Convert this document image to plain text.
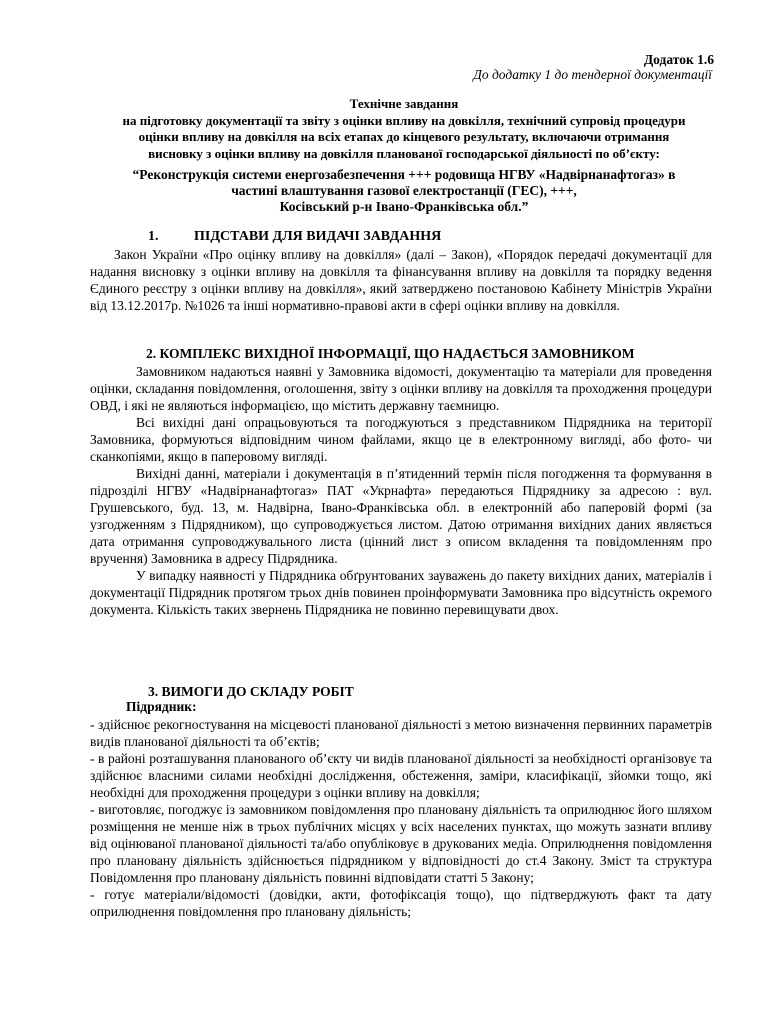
Додаток 1.6
До додатку 1 до тендерної документації
Технічне завдання
на підготовку документації та звіту з оцінки впливу на довкілля, технічний супровід процедури
оцінки впливу на довкілля на всіх етапах до кінцевого результату, включаючи отримання
висновку з оцінки впливу на довкілля планованої господарської діяльності по об’єкту:
“Реконструкція системи енергозабезпечення +++ родовища НГВУ «Надвірнанафтогаз» в
частині влаштування газової електростанції (ГЕС), +++,
Косівський р-н Івано-Франківська обл.”
1.	ПІДСТАВИ ДЛЯ ВИДАЧІ ЗАВДАННЯ

Закон України «Про оцінку впливу на довкілля» (далі – Закон), «Порядок передачі документації для надання висновку з оцінки впливу на довкілля та фінансування впливу на довкілля та порядку ведення Єдиного реєстру з оцінки впливу на довкілля», який затверджено постановою Кабінету Міністрів України від 13.12.2017р. №1026 та інші нормативно-правові акти в сфері оцінки впливу на довкілля.

2. КОМПЛЕКС ВИХІДНОЇ ІНФОРМАЦІЇ, ЩО НАДАЄТЬСЯ ЗАМОВНИКОМ

Замовником надаються наявні у Замовника відомості, документацію та матеріали для проведення оцінки, складання повідомлення, оголошення, звіту з оцінки впливу на довкілля та проходження процедури ОВД, і які не являються інформацією, що містить державну таємницю.

Всі вихідні дані опрацьовуються та погоджуються з представником Підрядника на території Замовника, формуються відповідним чином файлами, якщо це в електронному вигляді, або фото- чи сканкопіями, якщо в паперовому вигляді.

Вихідні данні, матеріали і документація в п’ятиденний термін після погодження та формування в підрозділі НГВУ «Надвірнанафтогаз» ПАТ «Укрнафта» передаються Підряднику за адресою : вул. Грушевського, буд. 13, м. Надвірна, Івано-Франківська обл. в електронній або паперовій формі (за узгодженням з Підрядником), що супроводжується листом. Датою отримання вихідних даних являється дата отримання супроводжувального листа (цінний лист з описом вкладення та повідомленням про вручення) Замовника в адресу Підрядника.

У випадку наявності у Підрядника обґрунтованих зауважень до пакету вихідних даних, матеріалів і документації Підрядник протягом трьох днів повинен проінформувати Замовника про відсутність окремого документа. Кількість таких звернень Підрядника не повинно перевищувати двох.

3. ВИМОГИ ДО СКЛАДУ РОБІТ
Підрядник:

- здійснює рекогностування на місцевості планованої діяльності з метою визначення первинних параметрів видів планованої діяльності та об’єктів;

- в районі розташування планованого об’єкту чи видів планованої діяльності за необхідності організовує та здійснює власними силами необхідні дослідження, обстеження, заміри, класифікації, зйомки тощо, які необхідні для проходження процедури з оцінки впливу на довкілля;

- виготовляє, погоджує із замовником повідомлення про плановану діяльність та оприлюднює його шляхом розміщення не менше ніж в трьох публічних місцях у всіх населених пунктах, що можуть зазнати впливу від оцінюваної планованої діяльності та/або опубліковує в друкованих медіа. Оприлюднення повідомлення про плановану діяльність здійснюється підрядником у відповідності до ст.4 Закону. Зміст та структура Повідомлення про плановану діяльність повинні відповідати статті 5 Закону;

- готує матеріали/відомості (довідки, акти, фотофіксація тощо), що підтверджують факт та дату оприлюднення повідомлення про плановану діяльність;
